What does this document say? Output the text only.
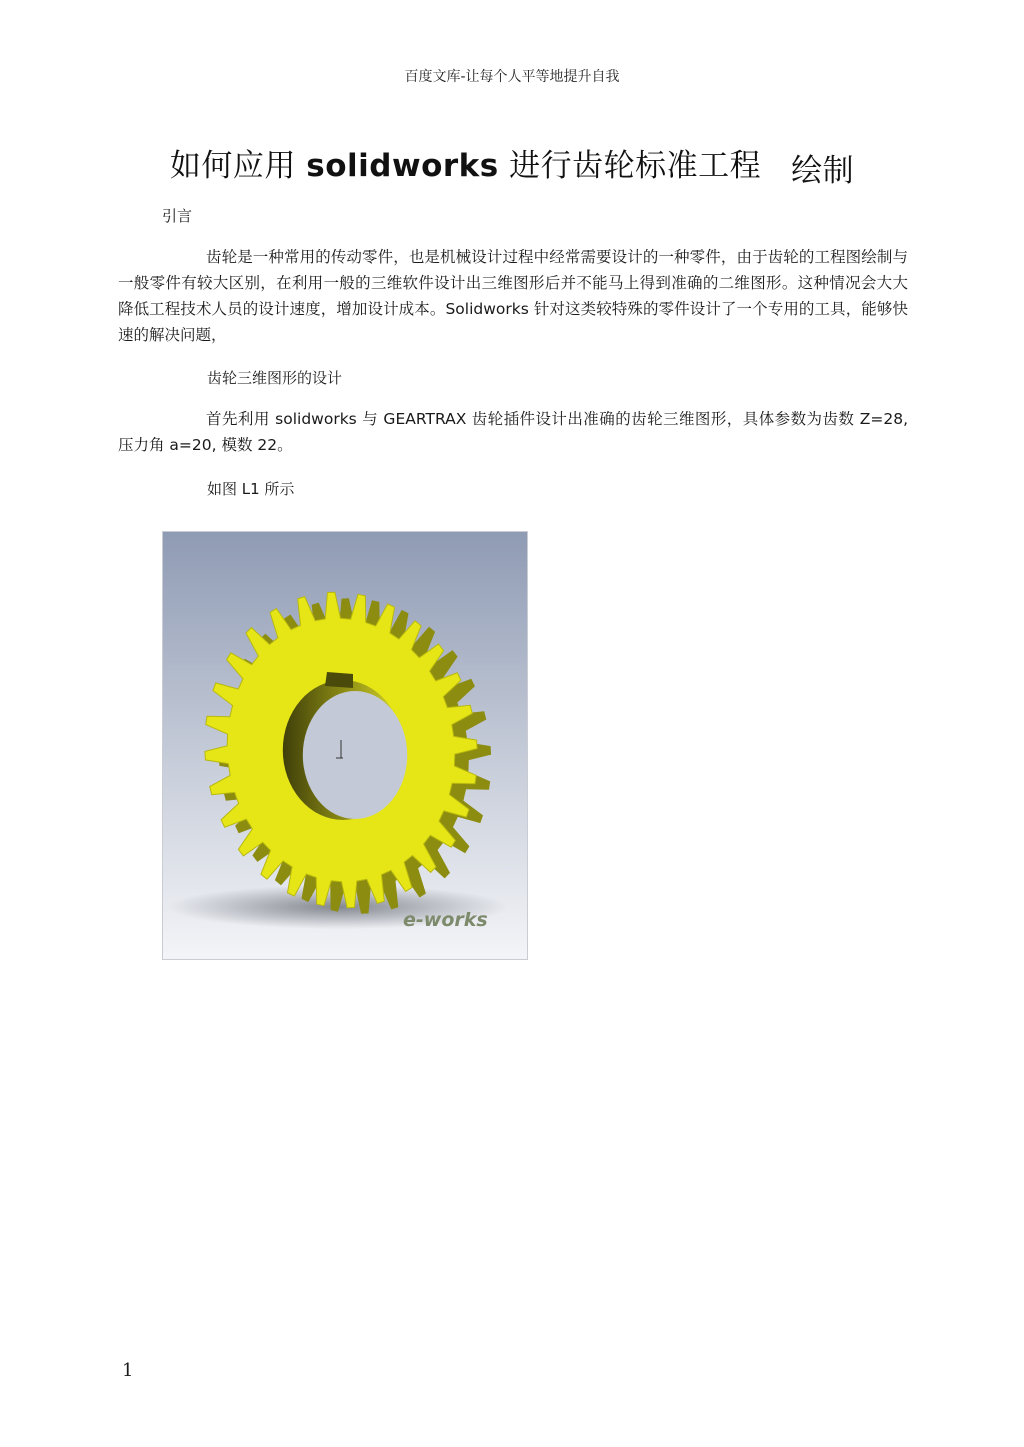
百度文库-让每个人平等地提升自我
如何应用 solidworks 进行齿轮标准工程 绘制
引言
齿轮是一种常用的传动零件，也是机械设计过程中经常需要设计的一种零件，由于齿轮的工程图绘制与一般零件有较大区别，在利用一般的三维软件设计出三维图形后并不能马上得到准确的二维图形。这种情况会大大降低工程技术人员的设计速度，增加设计成本。Solidworks 针对这类较特殊的零件设计了一个专用的工具，能够快速的解决问题，
齿轮三维图形的设计
首先利用 solidworks 与 GEARTRAX 齿轮插件设计出准确的齿轮三维图形，具体参数为齿数 Z=28, 压力角 a=20, 模数 22。
如图 L1 所示
e-works
1
